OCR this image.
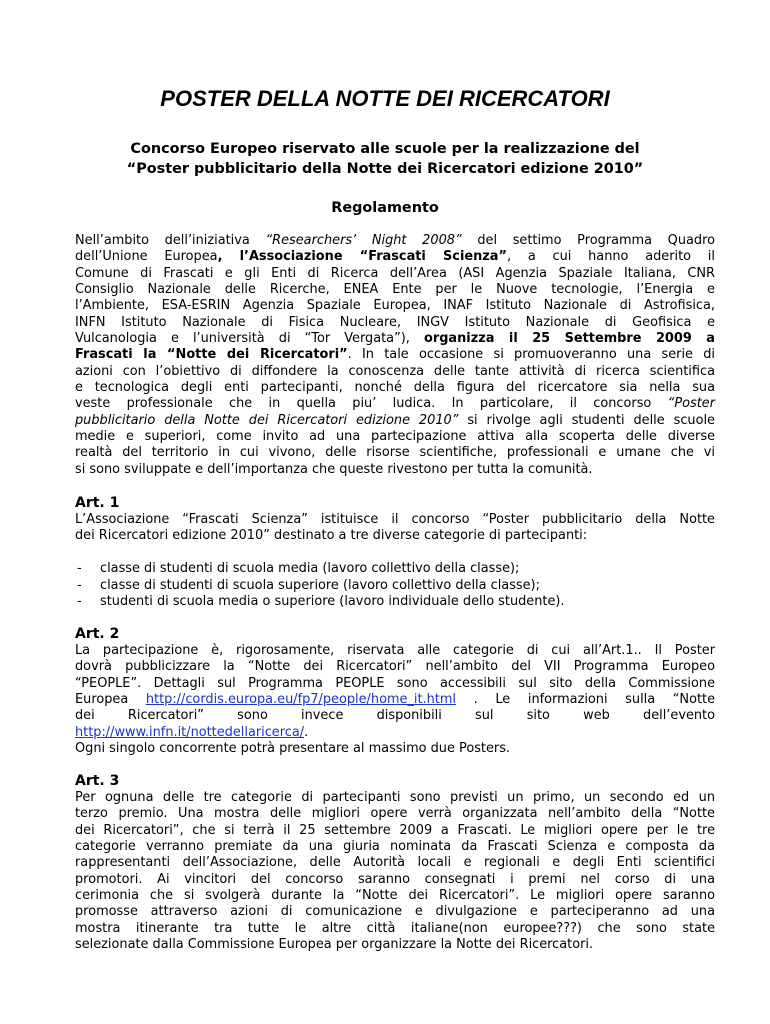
POSTER DELLA NOTTE DEI RICERCATORI
Concorso Europeo riservato alle scuole per la realizzazione del
“Poster pubblicitario della Notte dei Ricercatori edizione 2010”
Regolamento
Nell’ambito dell’iniziativa “Researchers’ Night 2008” del settimo Programma Quadro
dell’Unione Europea, l’Associazione “Frascati Scienza”, a cui hanno aderito il
Comune di Frascati e gli Enti di Ricerca dell’Area (ASI Agenzia Spaziale Italiana, CNR
Consiglio Nazionale delle Ricerche, ENEA Ente per le Nuove tecnologie, l’Energia e
l’Ambiente, ESA-ESRIN Agenzia Spaziale Europea, INAF Istituto Nazionale di Astrofisica,
INFN Istituto Nazionale di Fisica Nucleare, INGV Istituto Nazionale di Geofisica e
Vulcanologia e l’università di “Tor Vergata”), organizza il 25 Settembre 2009 a
Frascati la “Notte dei Ricercatori”. In tale occasione si promuoveranno una serie di
azioni con l’obiettivo di diffondere la conoscenza delle tante attività di ricerca scientifica
e tecnologica degli enti partecipanti, nonché della figura del ricercatore sia nella sua
veste professionale che in quella piu’ ludica. In particolare, il concorso “Poster
pubblicitario della Notte dei Ricercatori edizione 2010” si rivolge agli studenti delle scuole
medie e superiori, come invito ad una partecipazione attiva alla scoperta delle diverse
realtà del territorio in cui vivono, delle risorse scientifiche, professionali e umane che vi
si sono sviluppate e dell’importanza che queste rivestono per tutta la comunità.
Art. 1
L’Associazione “Frascati Scienza” istituisce il concorso “Poster pubblicitario della Notte
dei Ricercatori edizione 2010” destinato a tre diverse categorie di partecipanti:
- classe di studenti di scuola media (lavoro collettivo della classe);
- classe di studenti di scuola superiore (lavoro collettivo della classe);
- studenti di scuola media o superiore (lavoro individuale dello studente).
Art. 2
La partecipazione è, rigorosamente, riservata alle categorie di cui all’Art.1.. Il Poster
dovrà pubblicizzare la “Notte dei Ricercatori” nell’ambito del VII Programma Europeo
“PEOPLE”. Dettagli sul Programma PEOPLE sono accessibili sul sito della Commissione
Europea http://cordis.europa.eu/fp7/people/home_it.html . Le informazioni sulla “Notte
dei Ricercatori” sono invece disponibili sul sito web dell’evento
http://www.infn.it/nottedellaricerca/.
Ogni singolo concorrente potrà presentare al massimo due Posters.
Art. 3
Per ognuna delle tre categorie di partecipanti sono previsti un primo, un secondo ed un
terzo premio. Una mostra delle migliori opere verrà organizzata nell’ambito della “Notte
dei Ricercatori”, che si terrà il 25 settembre 2009 a Frascati. Le migliori opere per le tre
categorie verranno premiate da una giuria nominata da Frascati Scienza e composta da
rappresentanti dell’Associazione, delle Autorità locali e regionali e degli Enti scientifici
promotori. Ai vincitori del concorso saranno consegnati i premi nel corso di una
cerimonia che si svolgerà durante la “Notte dei Ricercatori”. Le migliori opere saranno
promosse attraverso azioni di comunicazione e divulgazione e parteciperanno ad una
mostra itinerante tra tutte le altre città italiane(non europee???) che sono state
selezionate dalla Commissione Europea per organizzare la Notte dei Ricercatori.
